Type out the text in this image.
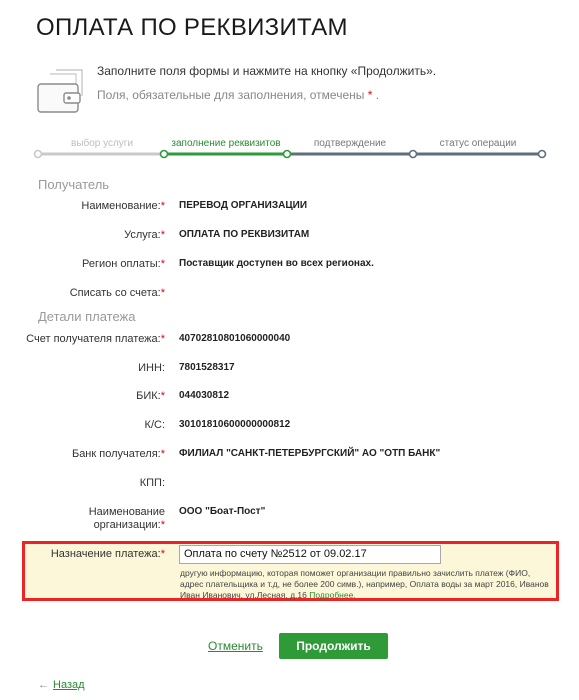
ОПЛАТА ПО РЕКВИЗИТАМ
Заполните поля формы и нажмите на кнопку «Продолжить».
Поля, обязательные для заполнения, отмечены * .
выбор услуги	заполнение реквизитов	подтверждение	статус операции
Получатель
Наименование:* ПЕРЕВОД ОРГАНИЗАЦИИ
Услуга:* ОПЛАТА ПО РЕКВИЗИТАМ
Регион оплаты:* Поставщик доступен во всех регионах.
Списать со счета:*
Детали платежа
Счет получателя платежа:* 40702810801060000040
ИНН: 7801528317
БИК:* 044030812
К/С: 30101810600000000812
Банк получателя:* ФИЛИАЛ "САНКТ-ПЕТЕРБУРГСКИЙ" АО "ОТП БАНК"
КПП:
Наименование организации:*
ООО "Боат-Пост"
Назначение платежа:*	Оплата по счету №2512 от 09.02.17
другую информацию, которая поможет организации правильно зачислить платеж (ФИО, адрес плательщика и т.д, не более 200 симв.), например, Оплата воды за март 2016, Иванов Иван Иванович, ул.Лесная, д.16 Подробнее.
Отменить	Продолжить
← Назад
